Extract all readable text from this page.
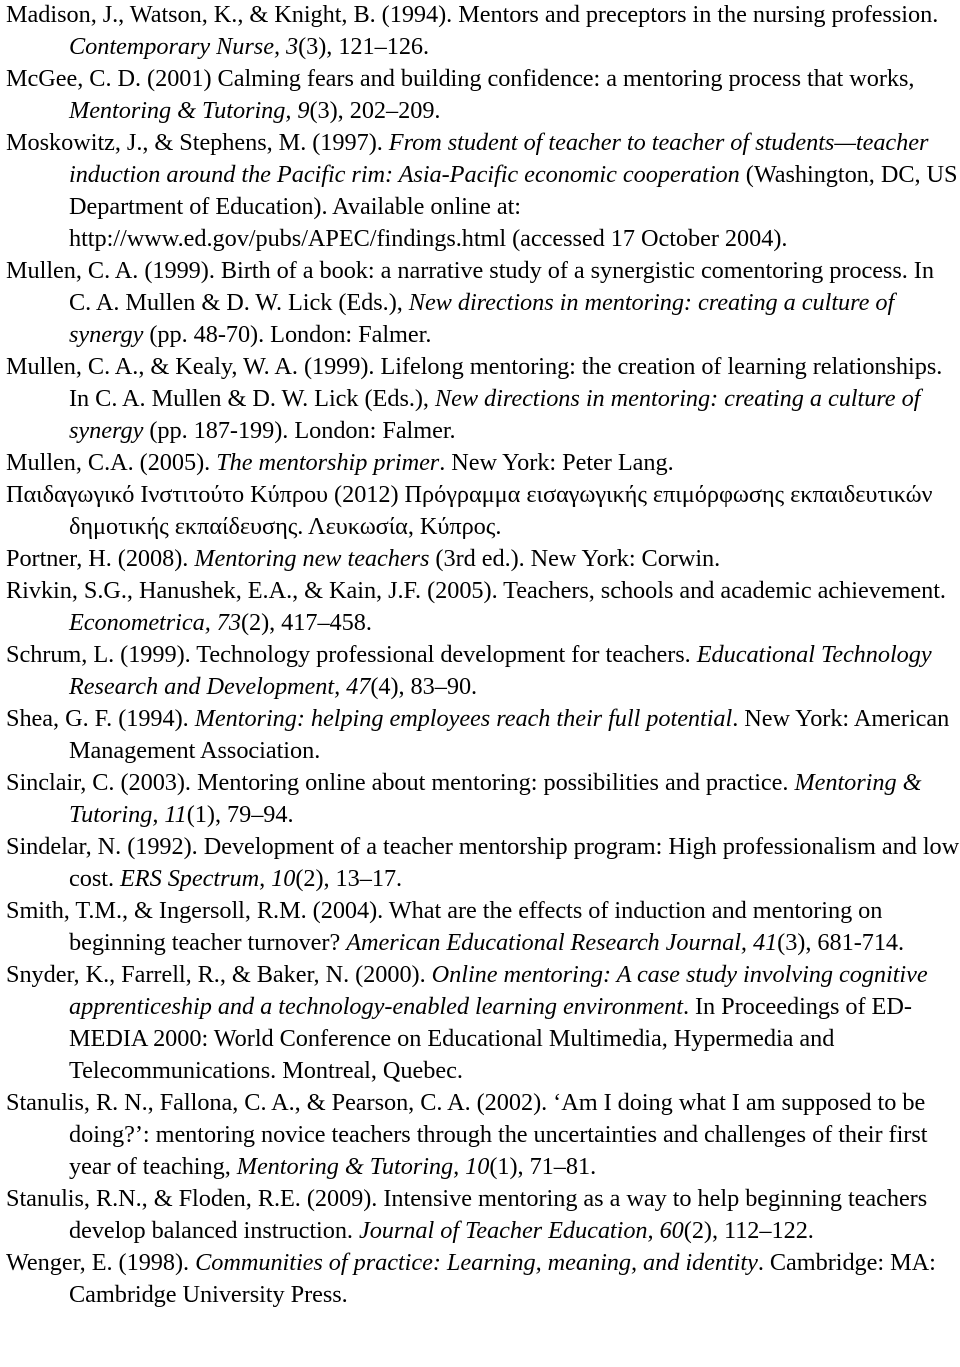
Madison, J., Watson, K., & Knight, B. (1994). Mentors and preceptors in the nursing profession. Contemporary Nurse, 3(3), 121–126.

McGee, C. D. (2001) Calming fears and building confidence: a mentoring process that works, Mentoring & Tutoring, 9(3), 202–209.

Moskowitz, J., & Stephens, M. (1997). From student of teacher to teacher of students—teacher induction around the Pacific rim: Asia-Pacific economic cooperation (Washington, DC, US Department of Education). Available online at: http://www.ed.gov/pubs/APEC/findings.html (accessed 17 October 2004).

Mullen, C. A. (1999). Birth of a book: a narrative study of a synergistic comentoring process. In C. A. Mullen & D. W. Lick (Eds.), New directions in mentoring: creating a culture of synergy (pp. 48-70). London: Falmer.

Mullen, C. A., & Kealy, W. A. (1999). Lifelong mentoring: the creation of learning relationships. In C. A. Mullen & D. W. Lick (Eds.), New directions in mentoring: creating a culture of synergy (pp. 187-199). London: Falmer.

Mullen, C.A. (2005). The mentorship primer. New York: Peter Lang.

Παιδαγωγικό Ινστιτούτο Κύπρου (2012) Πρόγραμμα εισαγωγικής επιμόρφωσης εκπαιδευτικών δημοτικής εκπαίδευσης. Λευκωσία, Κύπρος.

Portner, H. (2008). Mentoring new teachers (3rd ed.). New York: Corwin.

Rivkin, S.G., Hanushek, E.A., & Kain, J.F. (2005). Teachers, schools and academic achievement. Econometrica, 73(2), 417–458.

Schrum, L. (1999). Technology professional development for teachers. Educational Technology Research and Development, 47(4), 83–90.

Shea, G. F. (1994). Mentoring: helping employees reach their full potential. New York: American Management Association.

Sinclair, C. (2003). Mentoring online about mentoring: possibilities and practice. Mentoring & Tutoring, 11(1), 79–94.

Sindelar, N. (1992). Development of a teacher mentorship program: High professionalism and low cost. ERS Spectrum, 10(2), 13–17.

Smith, T.M., & Ingersoll, R.M. (2004). What are the effects of induction and mentoring on beginning teacher turnover? American Educational Research Journal, 41(3), 681-714.

Snyder, K., Farrell, R., & Baker, N. (2000). Online mentoring: A case study involving cognitive apprenticeship and a technology-enabled learning environment. In Proceedings of ED-MEDIA 2000: World Conference on Educational Multimedia, Hypermedia and Telecommunications. Montreal, Quebec.

Stanulis, R. N., Fallona, C. A., & Pearson, C. A. (2002). ‘Am I doing what I am supposed to be doing?’: mentoring novice teachers through the uncertainties and challenges of their first year of teaching, Mentoring & Tutoring, 10(1), 71–81.

Stanulis, R.N., & Floden, R.E. (2009). Intensive mentoring as a way to help beginning teachers develop balanced instruction. Journal of Teacher Education, 60(2), 112–122.

Wenger, E. (1998). Communities of practice: Learning, meaning, and identity. Cambridge: MA: Cambridge University Press.
